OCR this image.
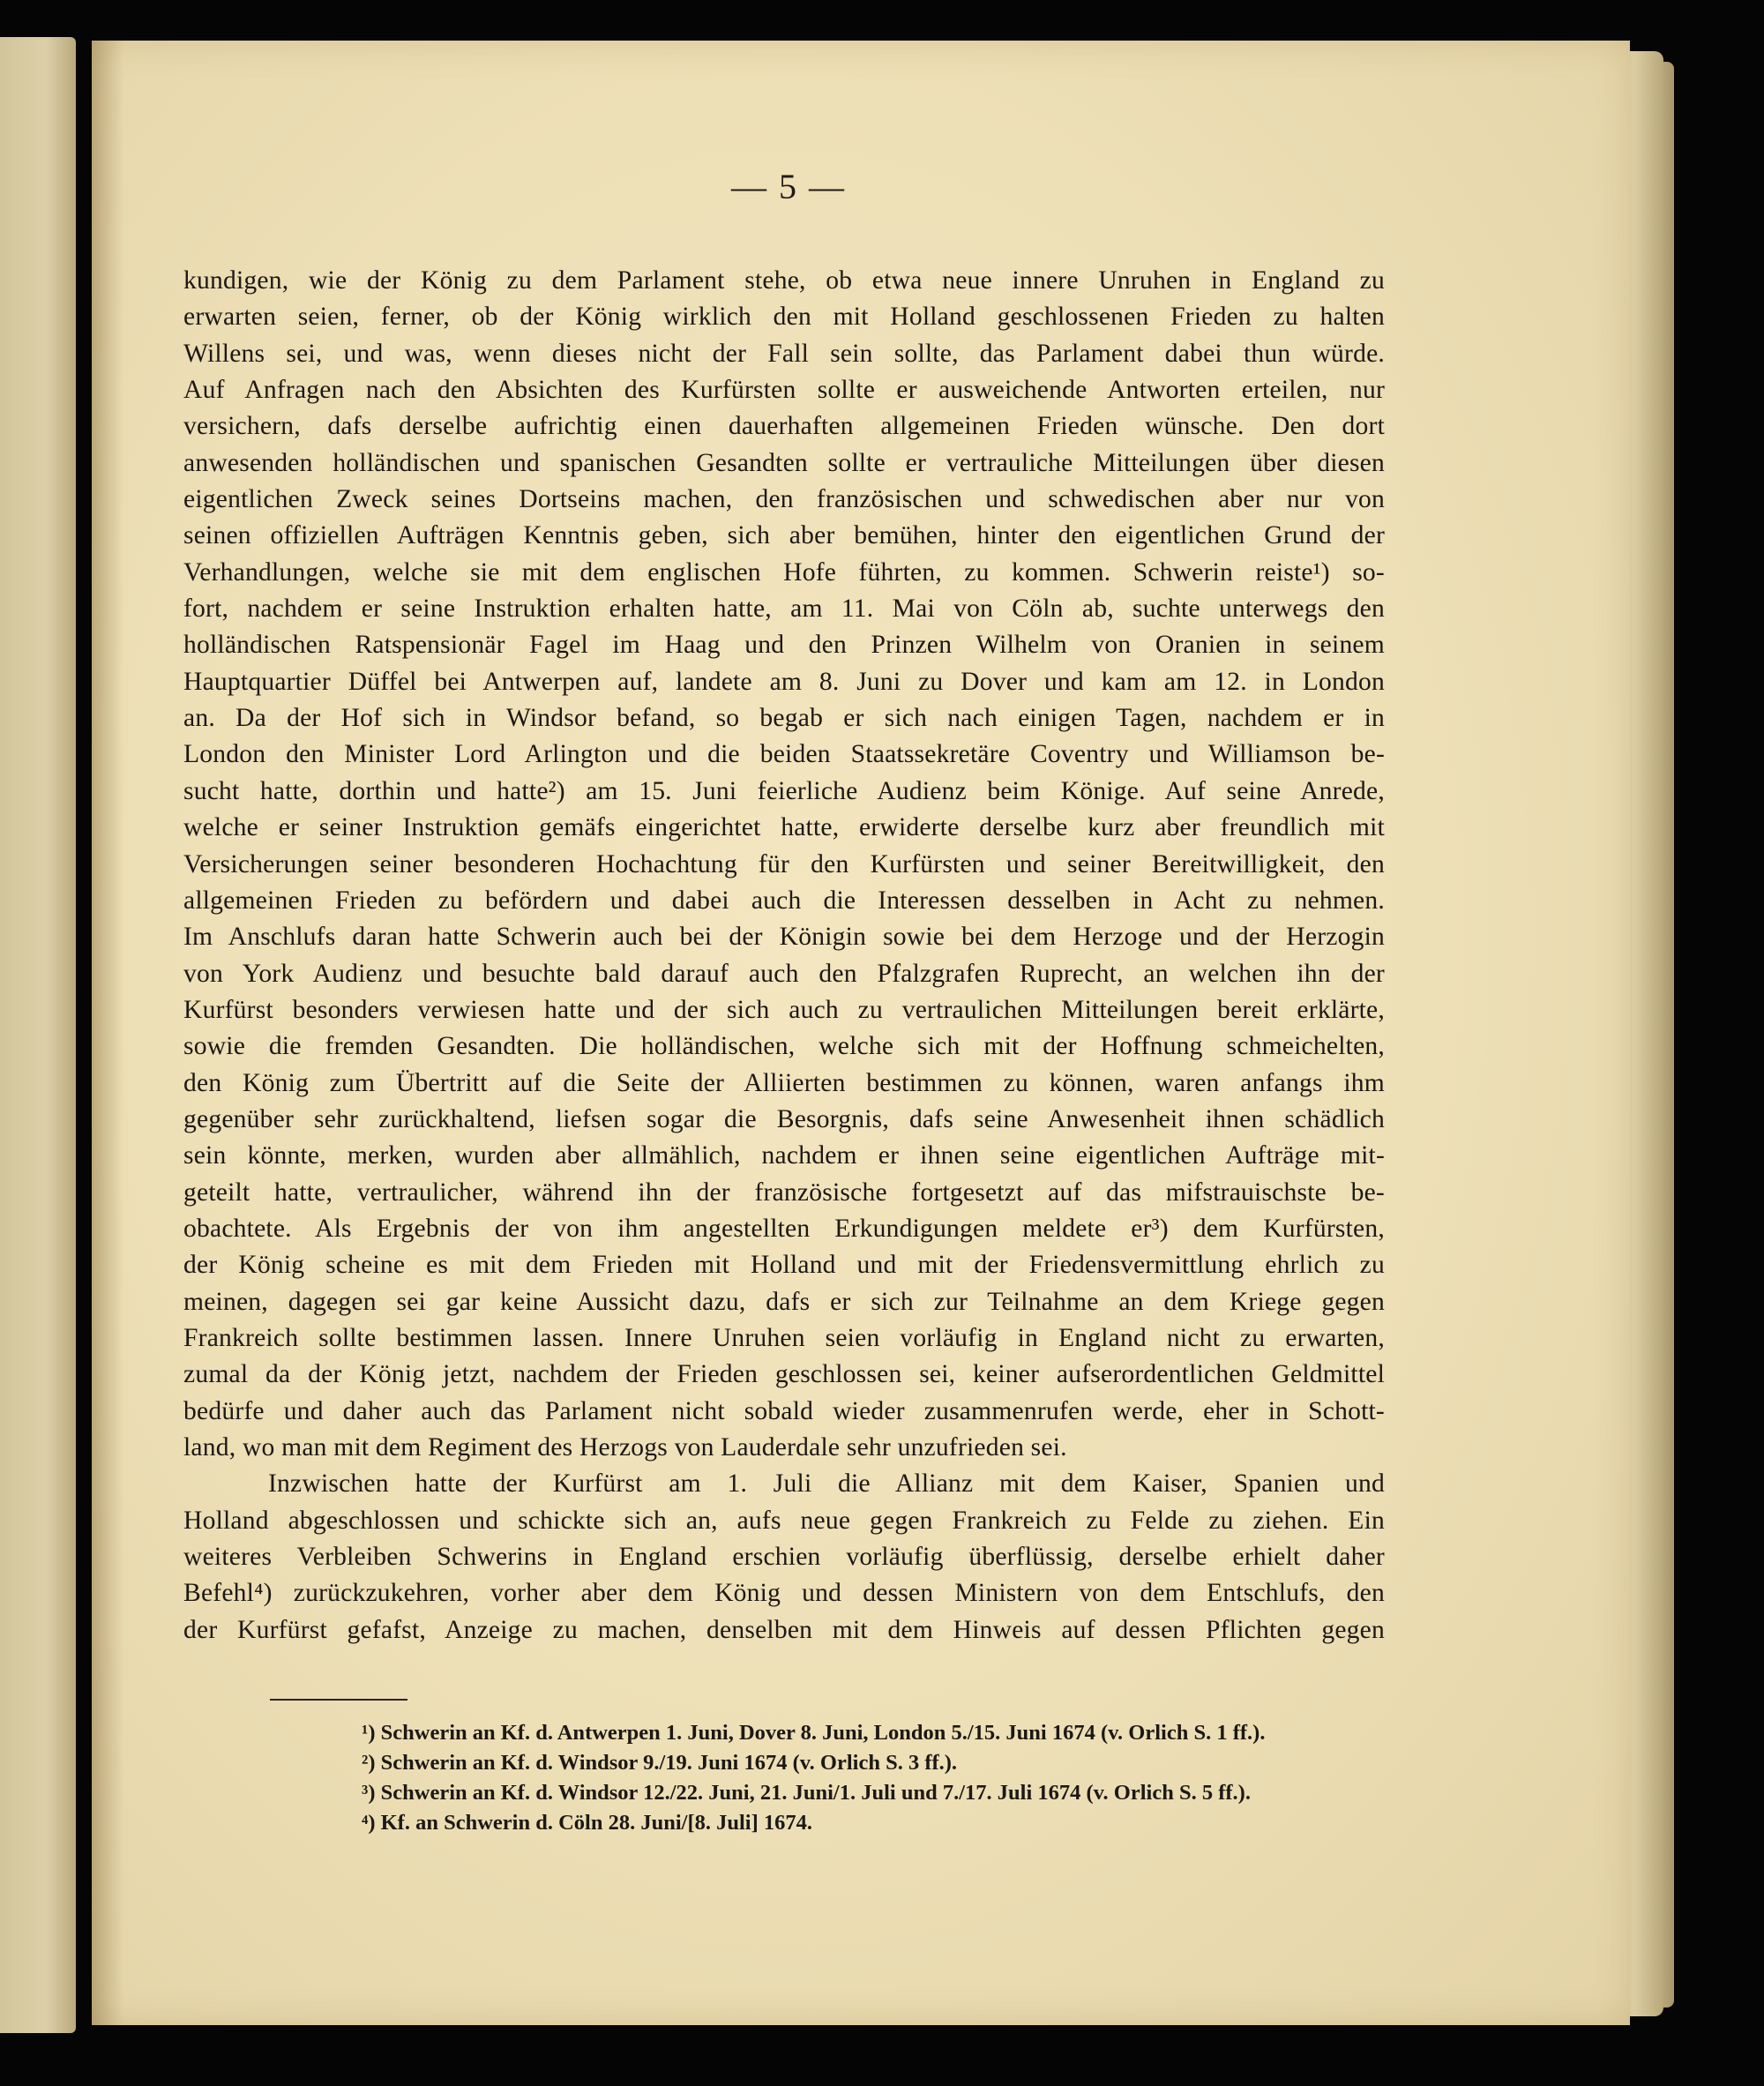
— 5 —
kundigen, wie der König zu dem Parlament stehe, ob etwa neue innere Unruhen in England zu
erwarten seien, ferner, ob der König wirklich den mit Holland geschlossenen Frieden zu halten
Willens sei, und was, wenn dieses nicht der Fall sein sollte, das Parlament dabei thun würde.
Auf Anfragen nach den Absichten des Kurfürsten sollte er ausweichende Antworten erteilen, nur
versichern, dafs derselbe aufrichtig einen dauerhaften allgemeinen Frieden wünsche. Den dort
anwesenden holländischen und spanischen Gesandten sollte er vertrauliche Mitteilungen über diesen
eigentlichen Zweck seines Dortseins machen, den französischen und schwedischen aber nur von
seinen offiziellen Aufträgen Kenntnis geben, sich aber bemühen, hinter den eigentlichen Grund der
Verhandlungen, welche sie mit dem englischen Hofe führten, zu kommen. Schwerin reiste¹) so-
fort, nachdem er seine Instruktion erhalten hatte, am 11. Mai von Cöln ab, suchte unterwegs den
holländischen Ratspensionär Fagel im Haag und den Prinzen Wilhelm von Oranien in seinem
Hauptquartier Düffel bei Antwerpen auf, landete am 8. Juni zu Dover und kam am 12. in London
an. Da der Hof sich in Windsor befand, so begab er sich nach einigen Tagen, nachdem er in
London den Minister Lord Arlington und die beiden Staatssekretäre Coventry und Williamson be-
sucht hatte, dorthin und hatte²) am 15. Juni feierliche Audienz beim Könige. Auf seine Anrede,
welche er seiner Instruktion gemäfs eingerichtet hatte, erwiderte derselbe kurz aber freundlich mit
Versicherungen seiner besonderen Hochachtung für den Kurfürsten und seiner Bereitwilligkeit, den
allgemeinen Frieden zu befördern und dabei auch die Interessen desselben in Acht zu nehmen.
Im Anschlufs daran hatte Schwerin auch bei der Königin sowie bei dem Herzoge und der Herzogin
von York Audienz und besuchte bald darauf auch den Pfalzgrafen Ruprecht, an welchen ihn der
Kurfürst besonders verwiesen hatte und der sich auch zu vertraulichen Mitteilungen bereit erklärte,
sowie die fremden Gesandten. Die holländischen, welche sich mit der Hoffnung schmeichelten,
den König zum Übertritt auf die Seite der Alliierten bestimmen zu können, waren anfangs ihm
gegenüber sehr zurückhaltend, liefsen sogar die Besorgnis, dafs seine Anwesenheit ihnen schädlich
sein könnte, merken, wurden aber allmählich, nachdem er ihnen seine eigentlichen Aufträge mit-
geteilt hatte, vertraulicher, während ihn der französische fortgesetzt auf das mifstrauischste be-
obachtete. Als Ergebnis der von ihm angestellten Erkundigungen meldete er³) dem Kurfürsten,
der König scheine es mit dem Frieden mit Holland und mit der Friedensvermittlung ehrlich zu
meinen, dagegen sei gar keine Aussicht dazu, dafs er sich zur Teilnahme an dem Kriege gegen
Frankreich sollte bestimmen lassen. Innere Unruhen seien vorläufig in England nicht zu erwarten,
zumal da der König jetzt, nachdem der Frieden geschlossen sei, keiner aufserordentlichen Geldmittel
bedürfe und daher auch das Parlament nicht sobald wieder zusammenrufen werde, eher in Schott-
land, wo man mit dem Regiment des Herzogs von Lauderdale sehr unzufrieden sei.
Inzwischen hatte der Kurfürst am 1. Juli die Allianz mit dem Kaiser, Spanien und
Holland abgeschlossen und schickte sich an, aufs neue gegen Frankreich zu Felde zu ziehen. Ein
weiteres Verbleiben Schwerins in England erschien vorläufig überflüssig, derselbe erhielt daher
Befehl⁴) zurückzukehren, vorher aber dem König und dessen Ministern von dem Entschlufs, den
der Kurfürst gefafst, Anzeige zu machen, denselben mit dem Hinweis auf dessen Pflichten gegen
¹) Schwerin an Kf. d. Antwerpen 1. Juni, Dover 8. Juni, London 5./15. Juni 1674 (v. Orlich S. 1 ff.).
²) Schwerin an Kf. d. Windsor 9./19. Juni 1674 (v. Orlich S. 3 ff.).
³) Schwerin an Kf. d. Windsor 12./22. Juni, 21. Juni/1. Juli und 7./17. Juli 1674 (v. Orlich S. 5 ff.).
⁴) Kf. an Schwerin d. Cöln 28. Juni/[8. Juli] 1674.
